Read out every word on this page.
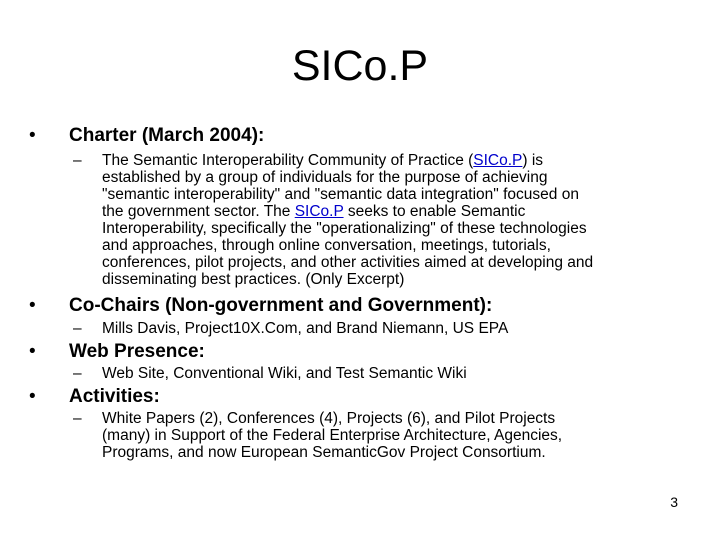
SICo.P
• Charter (March 2004):
– The Semantic Interoperability Community of Practice (SICo.P) is
established by a group of individuals for the purpose of achieving
"semantic interoperability" and "semantic data integration" focused on
the government sector. The SICo.P seeks to enable Semantic
Interoperability, specifically the "operationalizing" of these technologies
and approaches, through online conversation, meetings, tutorials,
conferences, pilot projects, and other activities aimed at developing and
disseminating best practices. (Only Excerpt)
• Co-Chairs (Non-government and Government):
– Mills Davis, Project10X.Com, and Brand Niemann, US EPA
• Web Presence:
– Web Site, Conventional Wiki, and Test Semantic Wiki
• Activities:
– White Papers (2), Conferences (4), Projects (6), and Pilot Projects
(many) in Support of the Federal Enterprise Architecture, Agencies,
Programs, and now European SemanticGov Project Consortium.
3
